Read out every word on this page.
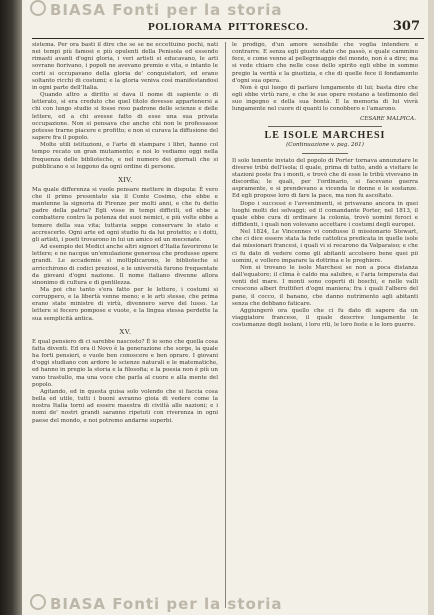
BIASA Fonti per la storia
POLIORAMA PITTORESCO.	307

sistema. Per ora basti il dire che se se ne eccettuino pochi, nati nei tempi più famosi e più opulenti della Penisola ed essendo rimasti avanti d'ogni gloria, i veri artisti si educavano, le arti sovrane fiorivano, i popoli ne avevano premio e vita, e intanto le corti si occupavano della gloria de' conquistatori, ed erano soltanto ricchi di costumi; e la gloria veniva così manifestandosi in ogni parte dell'Italia.

Quando altro a diritto si dava il nome di sapiente o di letterato, si era creduto che quel titolo dovesse appartenersi a chi con lungo studio si fosse reso padrone delle scienze e delle lettere, ed a chi avesse fatto di esse una sua privata occupazione. Non si pensava che anche chi non le professasse potesse trarne piacere e profitto; e non si curava la diffusione del sapere fra il popolo.

Molte utili istituzioni, e l'arte di stampare i libri, hanno col tempo recato un gran mutamento; e noi lo vediamo oggi nella frequenza delle biblioteche, e nel numero dei giornali che si pubblicano e si leggono da ogni ordine di persone.

XIV.

Ma quale differenza si vuole pensare mettere in disputa: È vero che il primo presentato sia il Conte Cosimo, che ebbe e mantenne la signoria di Firenze per molti anni, e che fu detto padre della patria? Egli visse in tempi difficili, ed ebbe a combattere contro la potenza dei suoi nemici, e più volte ebbe a temere della sua vita; tuttavia seppe conservare lo stato e accrescerlo. Ogni arte ed ogni studio fu da lui protetto; e i dotti, gli artisti, i poeti trovarono in lui un amico ed un mecenate.

Ad esempio dei Medici anche altri signori d'Italia favorirono le lettere; e ne nacque un'emulazione generosa che produsse opere grandi. Le accademie si moltiplicarono, le biblioteche si arricchirono di codici preziosi, e le università furono frequentate da giovani d'ogni nazione. Il nome italiano divenne allora sinonimo di cultura e di gentilezza.

Ma poi che tanto s'era fatto per le lettere, i costumi si corruppero, e la libertà venne meno; e le arti stesse, che prima erano state ministre di virtù, divennero serve del lusso. Le lettere si fecero pompose e vuote, e la lingua stessa perdette la sua semplicità antica.

XV.

E qual pensiero di ci sarebbe nascosto? È io sono che quella cosa fatta diventi. Ed ora il Novo è la generazione che sorge, la quale ha forti pensieri, e vuole ben conoscere e ben oprare. I giovani d'oggi studiano con ardore le scienze naturali e le matematiche, ed hanno in pregio la storia e la filosofia; e la poesia non è più un vano trastullo, ma una voce che parla al cuore e alla mente del popolo.

Agitando, ed in questa guisa solo volendo che si faccia cosa bella ed utile, tutti i buoni avranno gioia di vedere come la nostra Italia torni ad essere maestra di civiltà alle nazioni; e i nomi de' nostri grandi saranno ripetuti con riverenza in ogni paese del mondo, e noi potremo andarne superbi.

le prodigò, d'un amore sensibile che voglia intendere e contrarre. E senza egli giusto stato che passò, e quale cammino fece, e come venne al pellegrinaggio del mondo, non è a dire; ma si vede chiaro che nelle cose dello spirito egli ebbe in sommo pregio la verità e la giustizia, e che di quelle fece il fondamento d'ogni sua opera.

Non è qui luogo di parlare lungamente di lui; basta dire che egli ebbe virtù rare, e che le sue opere restano a testimonio del suo ingegno e della sua bontà. E la memoria di lui vivrà lungamente nel cuore di quanti lo conobbero e l'amarono.

CESARE MALPICA.
LE ISOLE MARCHESI
(Continuazione v. pag. 261)

Il solo tenente inviato del popolo di Porter tornava annunziare le diverse tribù dell'isola; il quale, prima di tutto, andò a visitare le stazioni poste fra i monti, e trovò che di esse le tribù vivevano in discordia; le quali, per l'ordinario, si facevano guerra aspramente, e si prendevano a vicenda le donne e le sostanze. Ed egli propose loro di fare la pace, ma non fu ascoltato.

Dopo i successi e l'avvenimenti, si privavano ancora in quei luoghi molti dei selvaggi; ed il comandante Porter, nel 1813, il quale ebbe cura di ordinare la colonia, trovò uomini feroci e diffidenti, i quali non volevano accettare i costumi degli europei.

Nel 1824, Le Vincennes vi condusse il missionario Stewart, che ci dice essere stata la fede cattolica predicata in quelle isole dai missionari francesi, i quali vi si recarono da Valparaiso; e che ci fu dato di vedere come gli abitanti accolsero bene quei pii uomini, e vollero imparare la dottrina e le preghiere.

Non si trovano le isole Marchesi se non a poca distanza dall'equatore; il clima è caldo ma salubre, e l'aria temperata dai venti del mare. I monti sono coperti di boschi, e nelle valli crescono alberi fruttiferi d'ogni maniera; fra i quali l'albero del pane, il cocco, il banano, che danno nutrimento agli abitanti senza che debbano faticare.

Aggiungerò ora quello che ci fu dato di sapere da un viaggiatore francese, il quale descrive lungamente le costumanze degli isolani, i loro riti, le loro feste e le loro guerre.

BIASA Fonti per la storia
